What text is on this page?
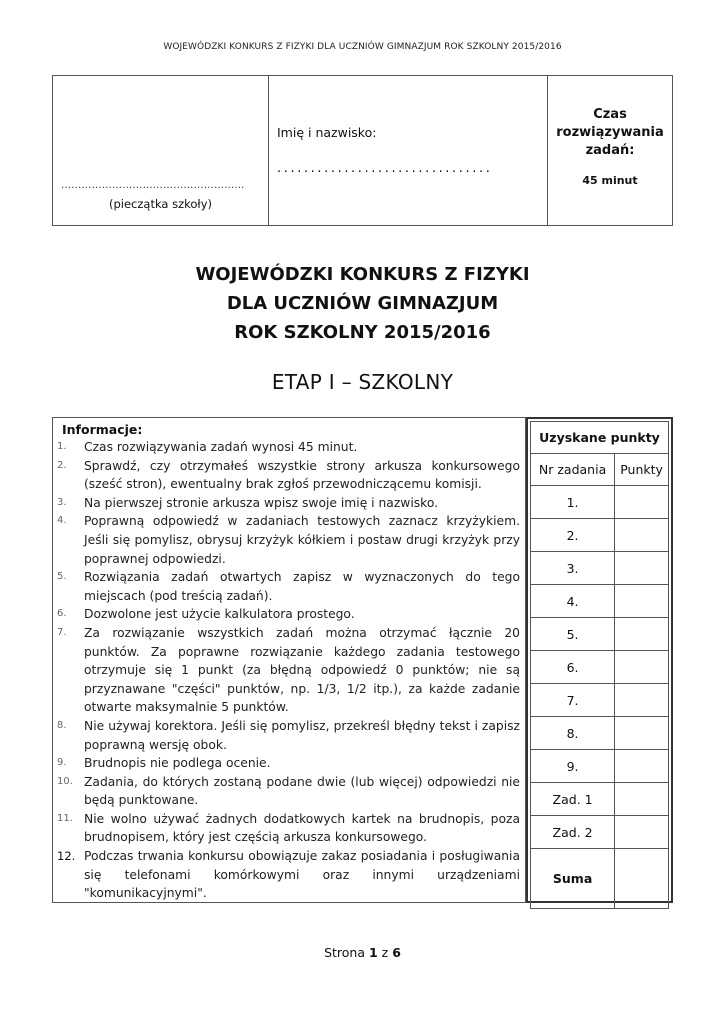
WOJEWÓDZKI KONKURS Z FIZYKI DLA UCZNIÓW GIMNAZJUM ROK SZKOLNY 2015/2016
………………………………………………
(pieczątka szkoły)
Imię i nazwisko:
................................
Czas rozwiązywania zadań:
45 minut
WOJEWÓDZKI KONKURS Z FIZYKI
DLA UCZNIÓW GIMNAZJUM
ROK SZKOLNY 2015/2016
ETAP I – SZKOLNY
Informacje:
1.	Czas rozwiązywania zadań wynosi 45 minut.
2.	Sprawdź, czy otrzymałeś wszystkie strony arkusza konkursowego (sześć stron), ewentualny brak zgłoś przewodniczącemu komisji.
3.	Na pierwszej stronie arkusza wpisz swoje imię i nazwisko.
4.	Poprawną odpowiedź w zadaniach testowych zaznacz krzyżykiem. Jeśli się pomylisz, obrysuj krzyżyk kółkiem i postaw drugi krzyżyk przy poprawnej odpowiedzi.
5.	Rozwiązania zadań otwartych zapisz w wyznaczonych do tego miejscach (pod treścią zadań).
6.	Dozwolone jest użycie kalkulatora prostego.
7.	Za rozwiązanie wszystkich zadań można otrzymać łącznie 20 punktów. Za poprawne rozwiązanie każdego zadania testowego otrzymuje się 1 punkt (za błędną odpowiedź 0 punktów; nie są przyznawane "części" punktów, np. 1/3, 1/2 itp.), za każde zadanie otwarte maksymalnie 5 punktów.
8.	Nie używaj korektora. Jeśli się pomylisz, przekreśl błędny tekst i zapisz poprawną wersję obok.
9.	Brudnopis nie podlega ocenie.
10. Zadania, do których zostaną podane dwie (lub więcej) odpowiedzi nie będą punktowane.
11. Nie wolno używać żadnych dodatkowych kartek na brudnopis, poza brudnopisem, który jest częścią arkusza konkursowego.
12. Podczas trwania konkursu obowiązuje zakaz posiadania i posługiwania się telefonami komórkowymi oraz innymi urządzeniami "komunikacyjnymi".
Uzyskane punkty	
Nr zadania	Punkty
1.	
2.	
3.	
4.	
5.	
6.	
7.	
8.	
9.	
Zad. 1	
Zad. 2	
Suma	
Strona 1 z 6
